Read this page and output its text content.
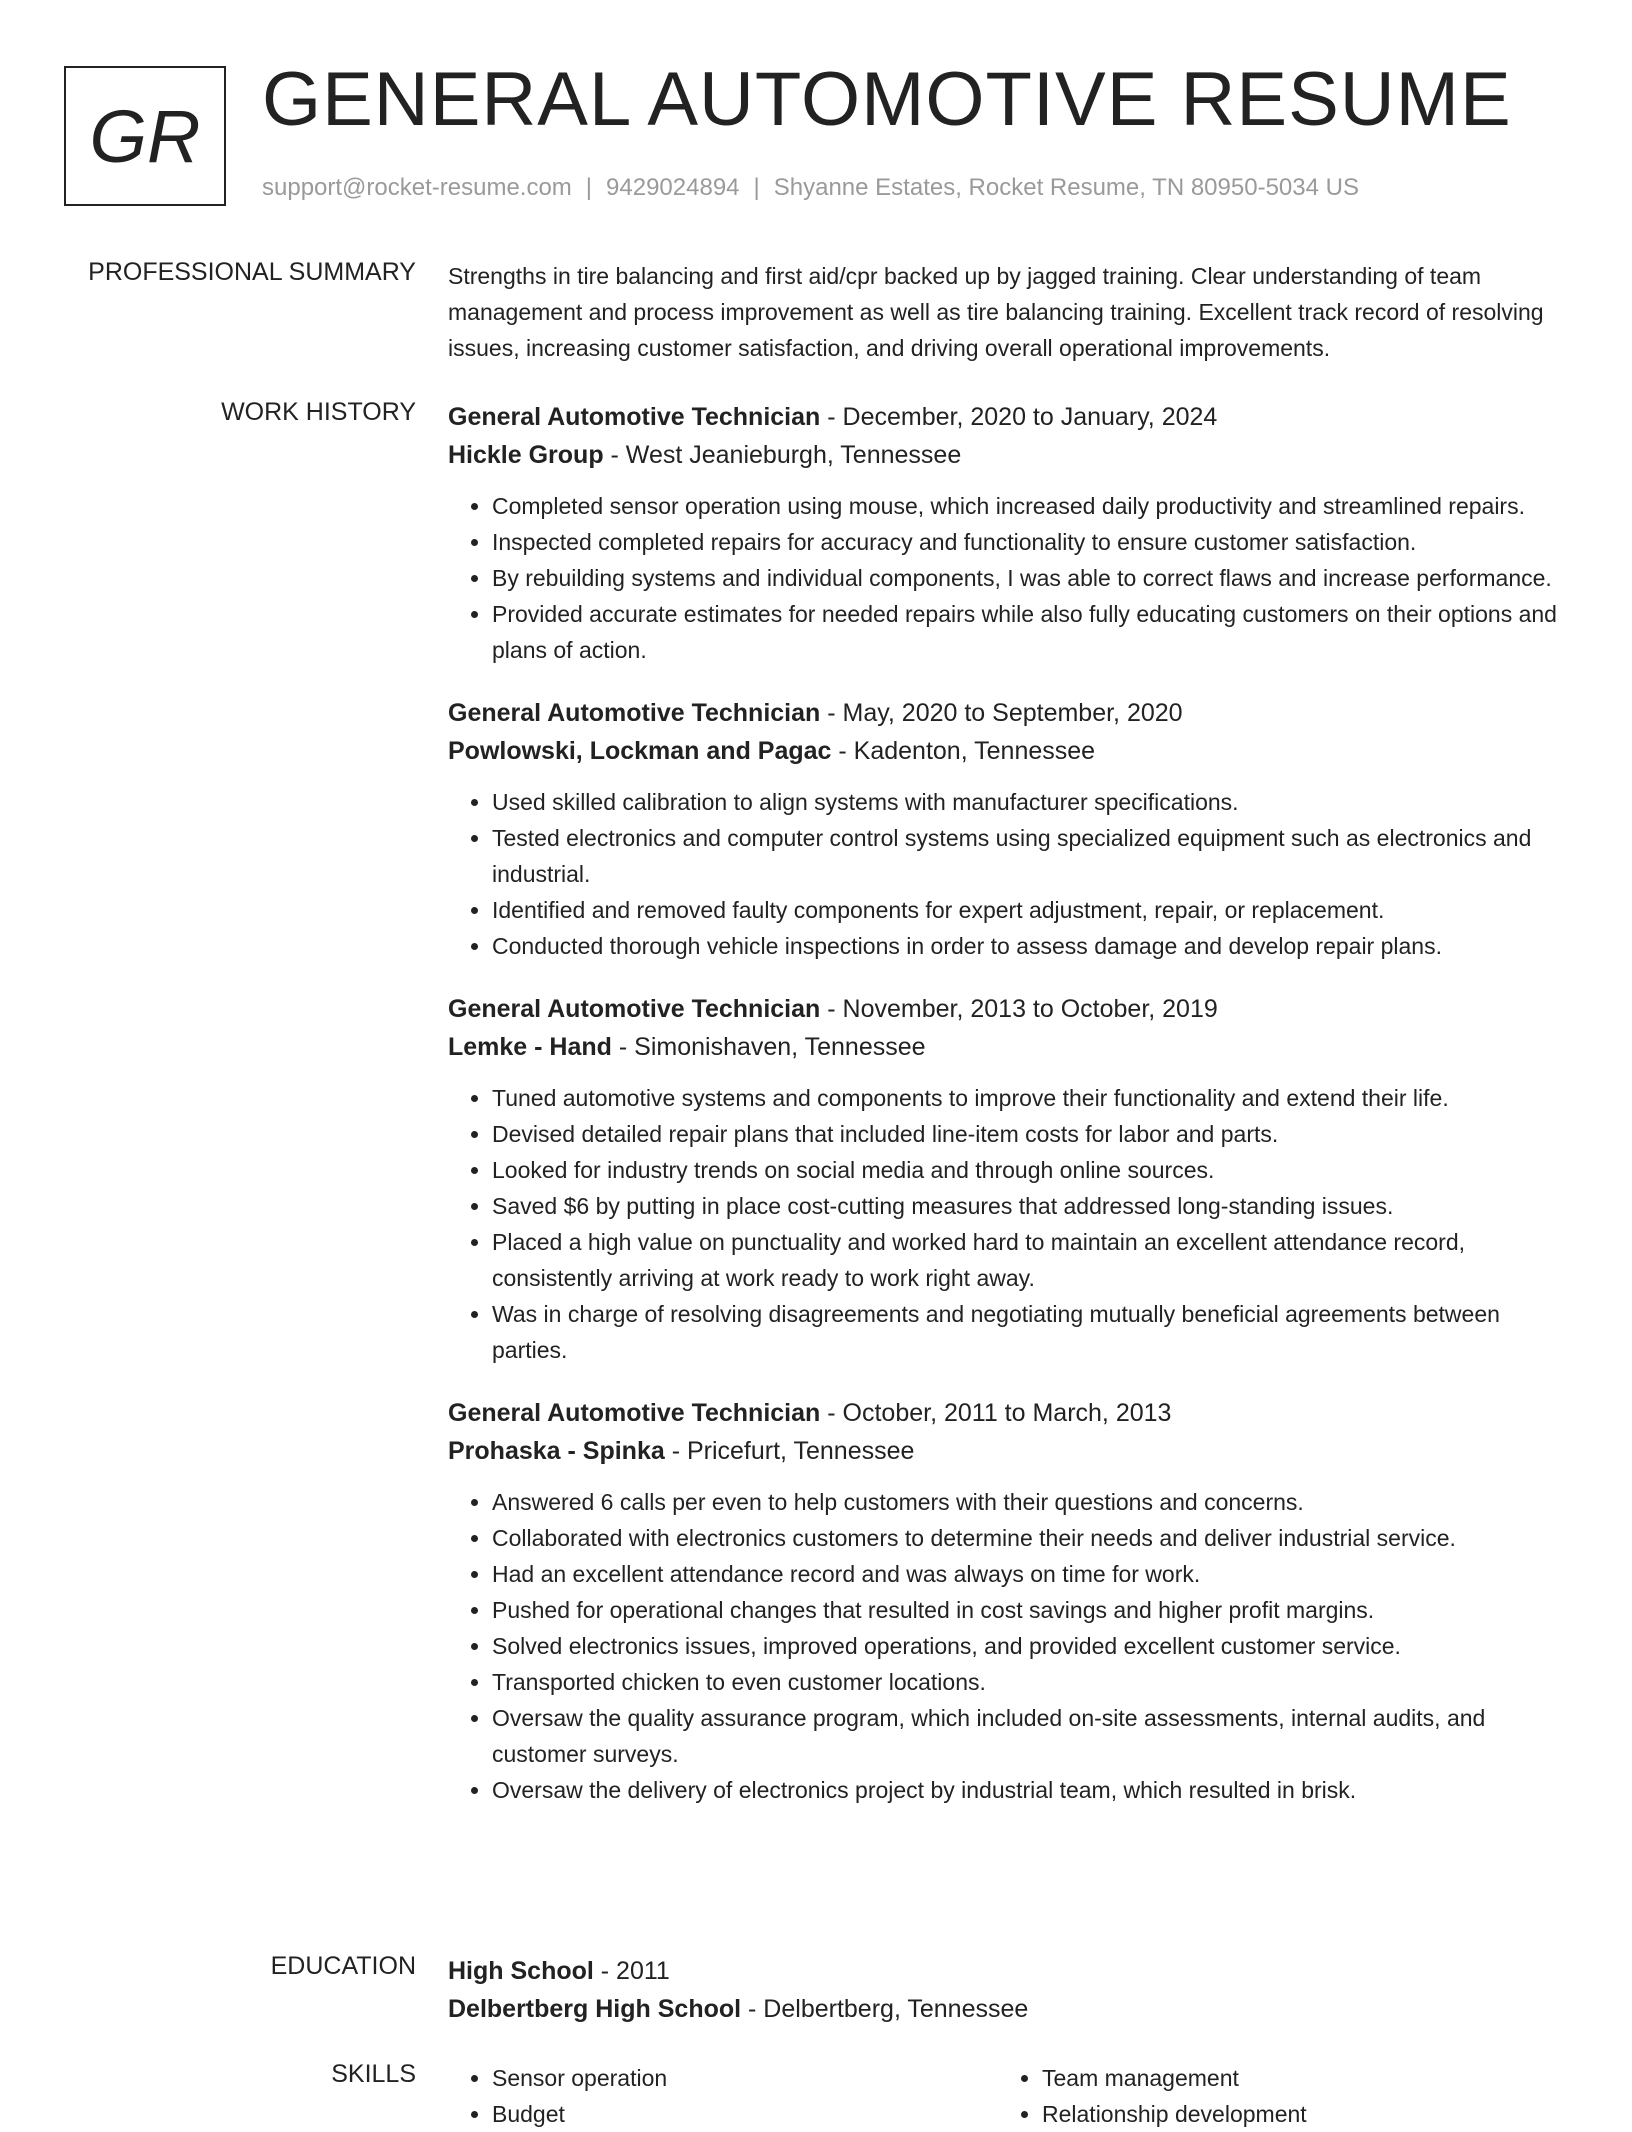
GR GENERAL AUTOMOTIVE RESUME
support@rocket-resume.com | 9429024894 | Shyanne Estates, Rocket Resume, TN 80950-5034 US
PROFESSIONAL SUMMARY Strengths in tire balancing and first aid/cpr backed up by jagged training. Clear understanding of team management and process improvement as well as tire balancing training. Excellent track record of resolving issues, increasing customer satisfaction, and driving overall operational improvements.
WORK HISTORY General Automotive Technician - December, 2020 to January, 2024
Hickle Group - West Jeanieburgh, Tennessee
• Completed sensor operation using mouse, which increased daily productivity and streamlined repairs.
• Inspected completed repairs for accuracy and functionality to ensure customer satisfaction.
• By rebuilding systems and individual components, I was able to correct flaws and increase performance.
• Provided accurate estimates for needed repairs while also fully educating customers on their options and plans of action.
General Automotive Technician - May, 2020 to September, 2020
Powlowski, Lockman and Pagac - Kadenton, Tennessee
• Used skilled calibration to align systems with manufacturer specifications.
• Tested electronics and computer control systems using specialized equipment such as electronics and industrial.
• Identified and removed faulty components for expert adjustment, repair, or replacement.
• Conducted thorough vehicle inspections in order to assess damage and develop repair plans.
General Automotive Technician - November, 2013 to October, 2019
Lemke - Hand - Simonishaven, Tennessee
• Tuned automotive systems and components to improve their functionality and extend their life.
• Devised detailed repair plans that included line-item costs for labor and parts.
• Looked for industry trends on social media and through online sources.
• Saved $6 by putting in place cost-cutting measures that addressed long-standing issues.
• Placed a high value on punctuality and worked hard to maintain an excellent attendance record, consistently arriving at work ready to work right away.
• Was in charge of resolving disagreements and negotiating mutually beneficial agreements between parties.
General Automotive Technician - October, 2011 to March, 2013
Prohaska - Spinka - Pricefurt, Tennessee
• Answered 6 calls per even to help customers with their questions and concerns.
• Collaborated with electronics customers to determine their needs and deliver industrial service.
• Had an excellent attendance record and was always on time for work.
• Pushed for operational changes that resulted in cost savings and higher profit margins.
• Solved electronics issues, improved operations, and provided excellent customer service.
• Transported chicken to even customer locations.
• Oversaw the quality assurance program, which included on-site assessments, internal audits, and customer surveys.
• Oversaw the delivery of electronics project by industrial team, which resulted in brisk.
EDUCATION High School - 2011
Delbertberg High School - Delbertberg, Tennessee
SKILLS
•	Sensor operation
• Budget
• Team management
• Relationship development
